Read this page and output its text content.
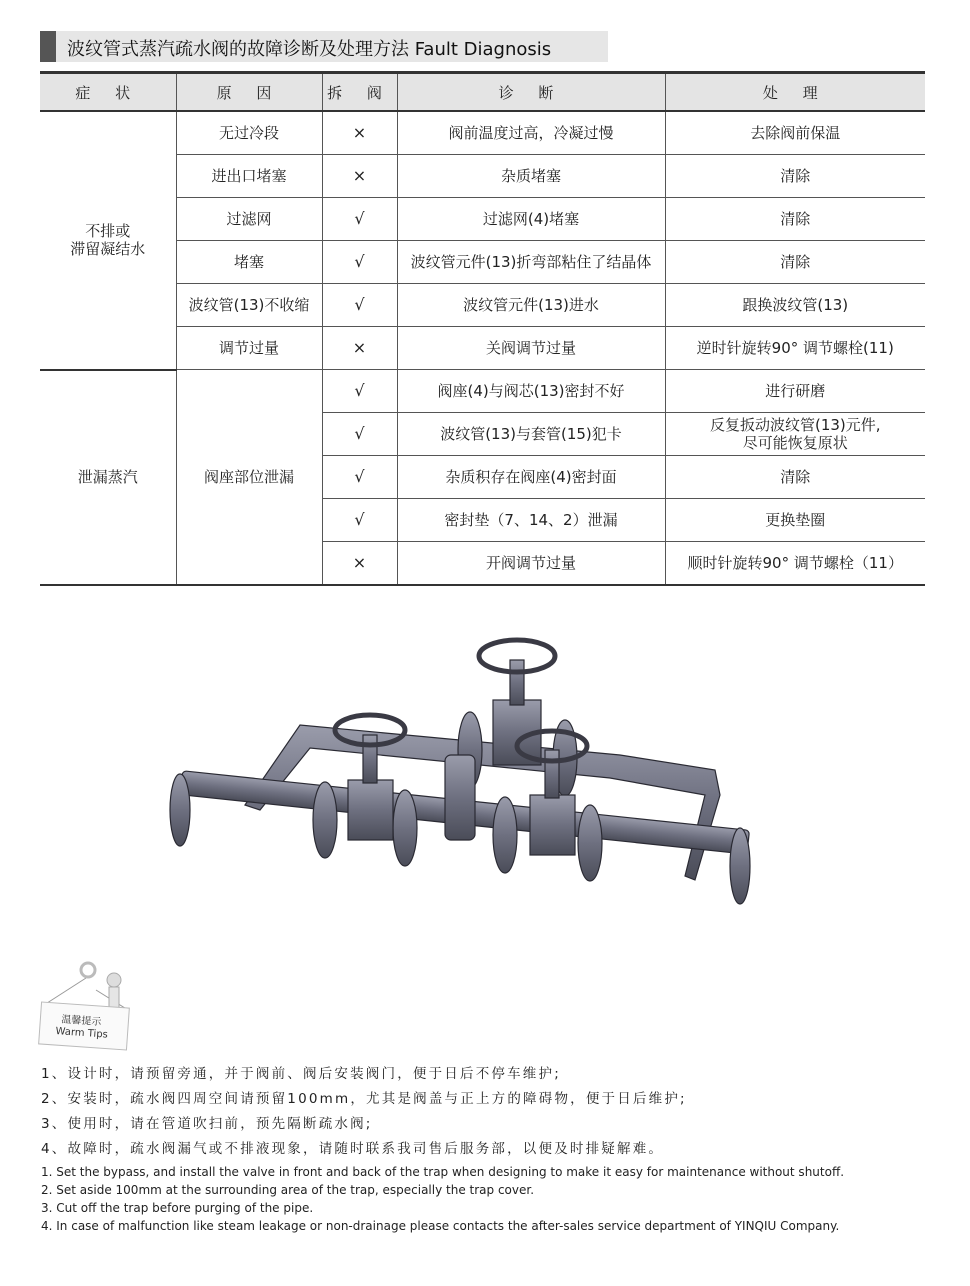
波纹管式蒸汽疏水阀的故障诊断及处理方法 Fault Diagnosis
症 状	原 因	拆 阀	诊 断	处 理
不排或
滞留凝结水	无过冷段	×	阀前温度过高，冷凝过慢	去除阀前保温
	进出口堵塞	×	杂质堵塞	清除
	过滤网	√	过滤网(4)堵塞	清除
	堵塞	√	波纹管元件(13)折弯部粘住了结晶体	清除
	波纹管(13)不收缩	√	波纹管元件(13)进水	跟换波纹管(13)
	调节过量	×	关阀调节过量	逆时针旋转90° 调节螺栓(11)
泄漏蒸汽	阀座部位泄漏	√	阀座(4)与阀芯(13)密封不好	进行研磨
		√	波纹管(13)与套管(15)犯卡	反复扳动波纹管(13)元件,
尽可能恢复原状
		√	杂质积存在阀座(4)密封面	清除
		√	密封垫（7、14、2）泄漏	更换垫圈
		×	开阀调节过量	顺时针旋转90° 调节螺栓（11）
温馨提示
Warm Tips
1、设计时，请预留旁通，并于阀前、阀后安装阀门，便于日后不停车维护;
2、安装时，疏水阀四周空间请预留100mm，尤其是阀盖与正上方的障碍物，便于日后维护;
3、使用时，请在管道吹扫前，预先隔断疏水阀;
4、故障时，疏水阀漏气或不排液现象，请随时联系我司售后服务部，以便及时排疑解难。
1. Set the bypass, and install the valve in front and back of the trap when designing to make it easy for maintenance without shutoff.
2. Set aside 100mm at the surrounding area of the trap, especially the trap cover.
3. Cut off the trap before purging of the pipe.
4. In case of malfunction like steam leakage or non-drainage please contacts the after-sales service department of YINQIU Company.
